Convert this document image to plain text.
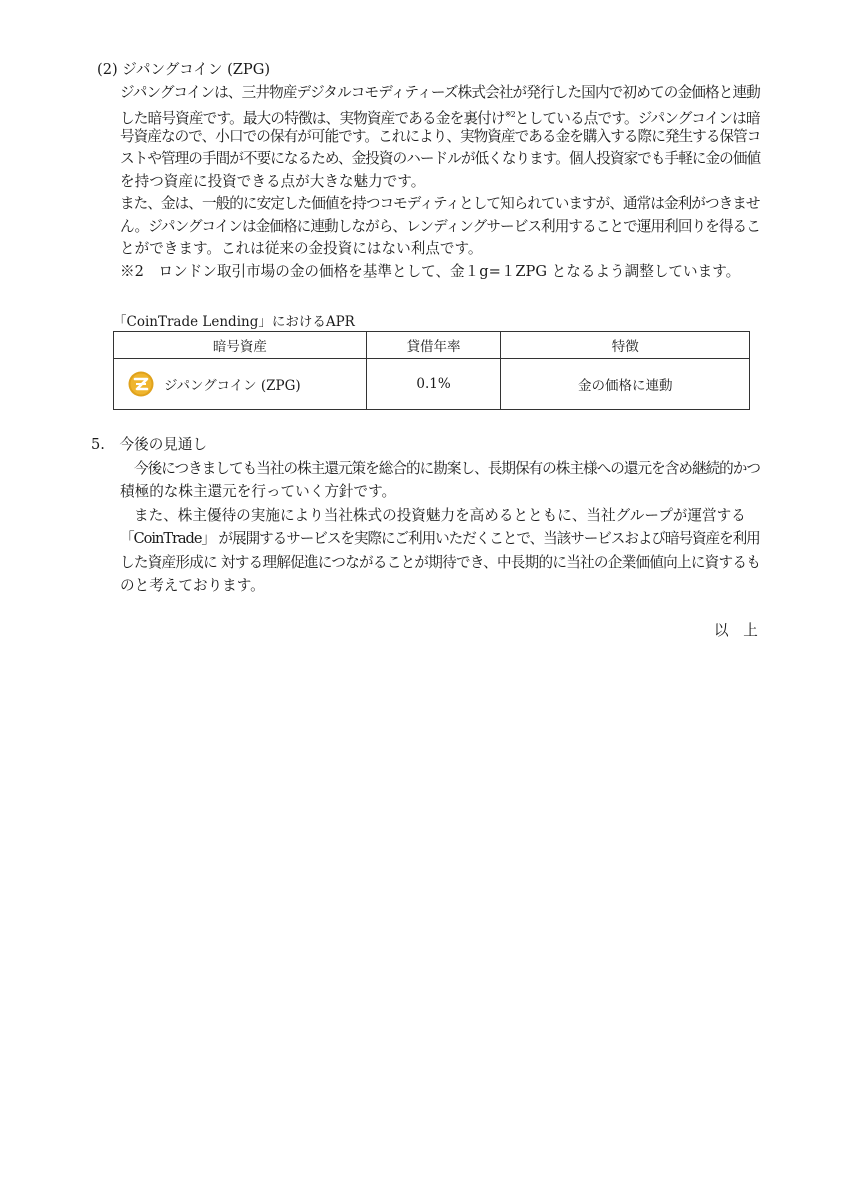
(2) ジパングコイン (ZPG)
ジパングコインは、三井物産デジタルコモディティーズ株式会社が発行した国内で初めての金価格と連動
した暗号資産です。最大の特徴は、実物資産である金を裏付け$^{※2}$としている点です。ジパングコインは暗
号資産なので、小口での保有が可能です。これにより、実物資産である金を購入する際に発生する保管コ
ストや管理の手間が不要になるため、金投資のハードルが低くなります。個人投資家でも手軽に金の価値
を持つ資産に投資できる点が大きな魅力です。
また、金は、一般的に安定した価値を持つコモディティとして知られていますが、通常は金利がつきませ
ん。ジパングコインは金価格に連動しながら、レンディングサービス利用することで運用利回りを得るこ
とができます。これは従来の金投資にはない利点です。
※2　ロンドン取引市場の金の価格を基準として、金１g=１ZPG となるよう調整しています。
「CoinTrade Lending」におけるAPR
暗号資産	貸借年率	特徴

ジパングコイン (ZPG)	0.1%	金の価格に連動
5.　今後の見通し
今後につきましても当社の株主還元策を総合的に勘案し、長期保有の株主様への還元を含め継続的かつ
積極的な株主還元を行っていく方針です。
また、株主優待の実施により当社株式の投資魅力を高めるとともに、当社グループが運営する
「CoinTrade」 が展開するサービスを実際にご利用いただくことで、当該サービスおよび暗号資産を利用
した資産形成に 対する理解促進につながることが期待でき、中長期的に当社の企業価値向上に資するも
のと考えております。
以　上
